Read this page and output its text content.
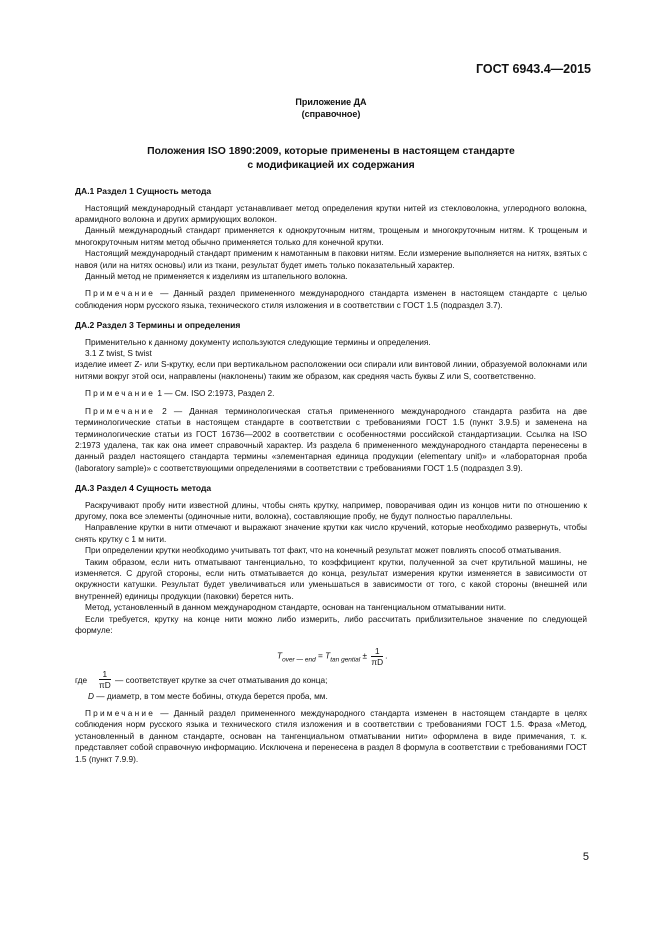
ГОСТ 6943.4—2015
Приложение ДА
(справочное)
Положения ISO 1890:2009, которые применены в настоящем стандарте
с модификацией их содержания
ДА.1 Раздел 1 Сущность метода

Настоящий международный стандарт устанавливает метод определения крутки нитей из стекловолокна, углеродного волокна, арамидного волокна и других армирующих волокон.

Данный международный стандарт применяется к однокруточным нитям, трощеным и многокруточным нитям. К трощеным и многокруточным нитям метод обычно применяется только для конечной крутки.

Настоящий международный стандарт применим к намотанным в паковки нитям. Если измерение выполняется на нитях, взятых с навоя (или на нитях основы) или из ткани, результат будет иметь только показательный характер.

Данный метод не применяется к изделиям из штапельного волокна.

Примечание — Данный раздел примененного международного стандарта изменен в настоящем стандарте с целью соблюдения норм русского языка, технического стиля изложения и в соответствии с ГОСТ 1.5 (подраздел 3.7).

ДА.2 Раздел 3 Термины и определения

Применительно к данному документу используются следующие термины и определения.

3.1 Z twist, S twist

изделие имеет Z- или S-крутку, если при вертикальном расположении оси спирали или винтовой линии, образуемой волокнами или нитями вокруг этой оси, направлены (наклонены) таким же образом, как средняя часть буквы Z или S, соответственно.

Примечание 1 — См. ISO 2:1973, Раздел 2.

Примечание 2 — Данная терминологическая статья примененного международного стандарта разбита на две терминологические статьи в настоящем стандарте в соответствии с требованиями ГОСТ 1.5 (пункт 3.9.5) и заменена на терминологические статьи из ГОСТ 16736—2002 в соответствии с особенностями российской стандартизации. Ссылка на ISO 2:1973 удалена, так как она имеет справочный характер. Из раздела 6 примененного международного стандарта перенесены в данный раздел настоящего стандарта термины «элементарная единица продукции (elementary unit)» и «лабораторная проба (laboratory sample)» с соответствующими определениями в соответствии с требованиями ГОСТ 1.5 (подраздел 3.9).

ДА.3 Раздел 4 Сущность метода

Раскручивают пробу нити известной длины, чтобы снять крутку, например, поворачивая один из концов нити по отношению к другому, пока все элементы (одиночные нити, волокна), составляющие пробу, не будут полностью параллельны.

Направление крутки в нити отмечают и выражают значение крутки как число кручений, которые необходимо развернуть, чтобы снять крутку с 1 м нити.

При определении крутки необходимо учитывать тот факт, что на конечный результат может повлиять способ отматывания.

Таким образом, если нить отматывают тангенциально, то коэффициент крутки, полученной за счет крутильной машины, не изменяется. С другой стороны, если нить отматывается до конца, результат измерения крутки изменяется в зависимости от окружности катушки. Результат будет увеличиваться или уменьшаться в зависимости от того, с какой стороны (внешней или внутренней) единицы продукции (паковки) берется нить.

Метод, установленный в данном международном стандарте, основан на тангенциальном отматывании нити.

Если требуется, крутку на конце нити можно либо измерить, либо рассчитать приблизительное значение по следующей формуле:

$T_{over — end} = T_{tan gential} \pm \frac{1}{\pi D}$ .
где $\frac{1}{\pi D}$ — соответствует крутке за счет отматывания до конца;

D — диаметр, в том месте бобины, откуда берется проба, мм.

Примечание — Данный раздел примененного международного стандарта изменен в настоящем стандарте в целях соблюдения норм русского языка и технического стиля изложения и в соответствии с требованиями ГОСТ 1.5. Фраза «Метод, установленный в данном стандарте, основан на тангенциальном отматывании нити» оформлена в виде примечания, т. к. представляет собой справочную информацию. Исключена и перенесена в раздел 8 формула в соответствии с требованиями ГОСТ 1.5 (пункт 7.9.9).

5
